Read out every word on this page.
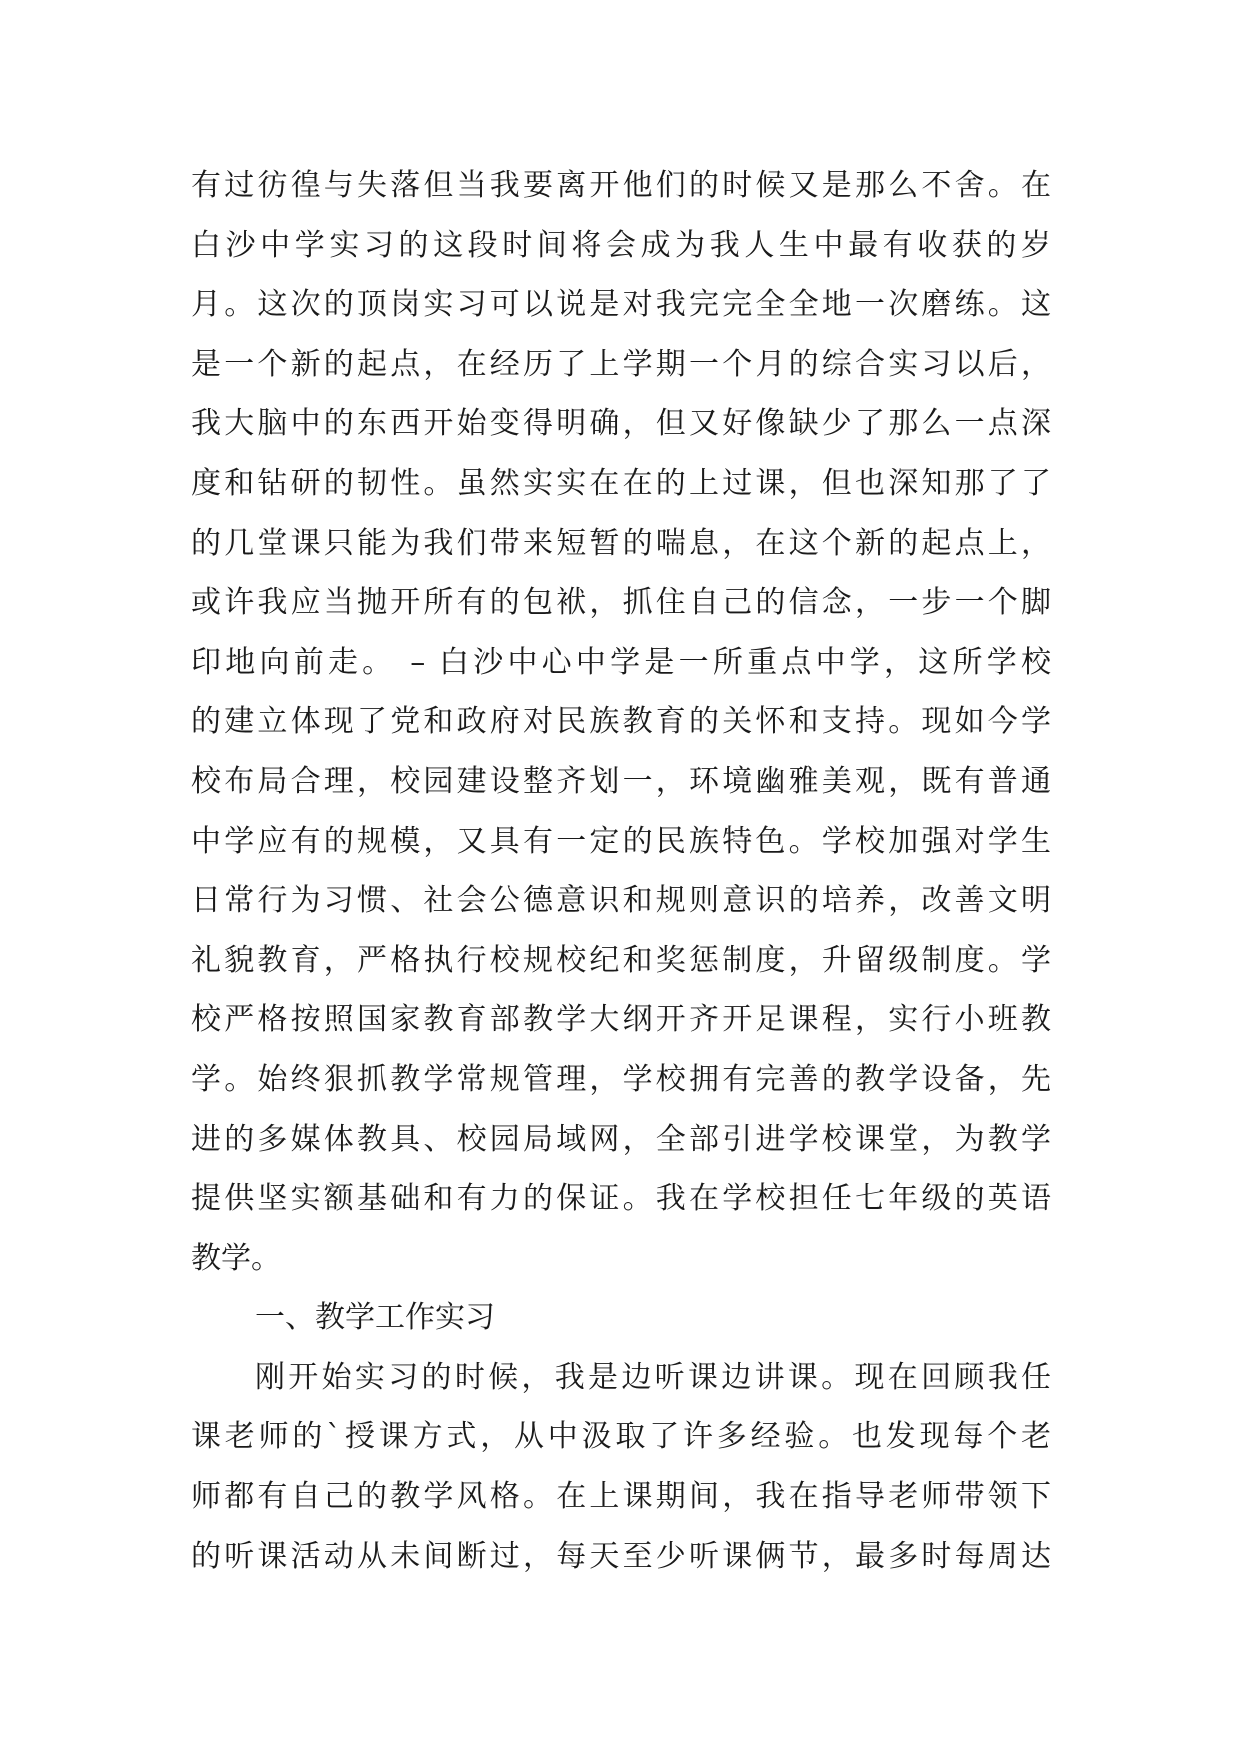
有过彷徨与失落但当我要离开他们的时候又是那么不舍。在
白沙中学实习的这段时间将会成为我人生中最有收获的岁
月。这次的顶岗实习可以说是对我完完全全地一次磨练。这
是一个新的起点，在经历了上学期一个月的综合实习以后，
我大脑中的东西开始变得明确，但又好像缺少了那么一点深
度和钻研的韧性。虽然实实在在的上过课，但也深知那了了
的几堂课只能为我们带来短暂的喘息，在这个新的起点上，
或许我应当抛开所有的包袱，抓住自己的信念，一步一个脚
印地向前走。 – 白沙中心中学是一所重点中学，这所学校
的建立体现了党和政府对民族教育的关怀和支持。现如今学
校布局合理，校园建设整齐划一，环境幽雅美观，既有普通
中学应有的规模，又具有一定的民族特色。学校加强对学生
日常行为习惯、社会公德意识和规则意识的培养，改善文明
礼貌教育，严格执行校规校纪和奖惩制度，升留级制度。学
校严格按照国家教育部教学大纲开齐开足课程，实行小班教
学。始终狠抓教学常规管理，学校拥有完善的教学设备，先
进的多媒体教具、校园局域网，全部引进学校课堂，为教学
提供坚实额基础和有力的保证。我在学校担任七年级的英语
教学。
一、教学工作实习
刚开始实习的时候，我是边听课边讲课。现在回顾我任
课老师的`授课方式，从中汲取了许多经验。也发现每个老
师都有自己的教学风格。在上课期间，我在指导老师带领下
的听课活动从未间断过，每天至少听课俩节，最多时每周达
